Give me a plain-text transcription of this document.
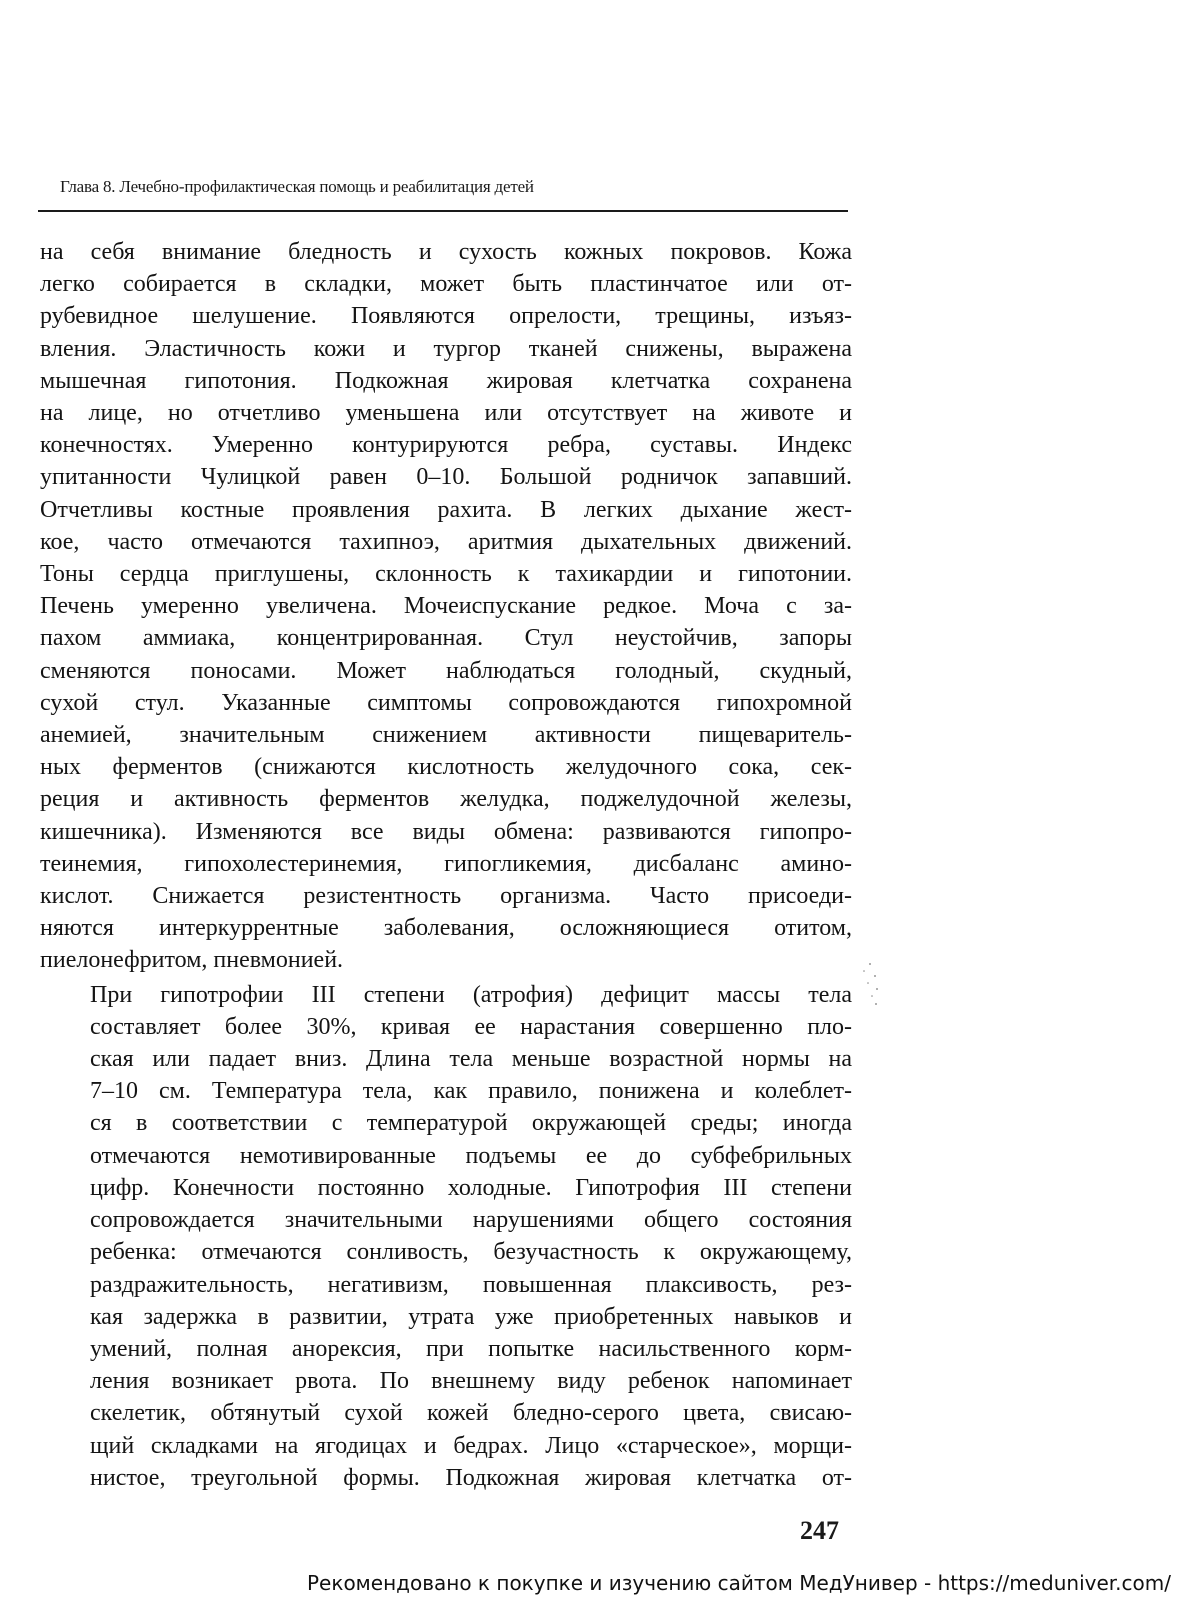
Глава 8. Лечебно-профилактическая помощь и реабилитация детей

на себя внимание бледность и сухость кожных покровов. Кожа
легко собирается в складки, может быть пластинчатое или от-
рубевидное шелушение. Появляются опрелости, трещины, изъяз-
вления. Эластичность кожи и тургор тканей снижены, выражена
мышечная гипотония. Подкожная жировая клетчатка сохранена
на лице, но отчетливо уменьшена или отсутствует на животе и
конечностях. Умеренно контурируются ребра, суставы. Индекс
упитанности Чулицкой равен 0–10. Большой родничок запавший.
Отчетливы костные проявления рахита. В легких дыхание жест-
кое, часто отмечаются тахипноэ, аритмия дыхательных движений.
Тоны сердца приглушены, склонность к тахикардии и гипотонии.
Печень умеренно увеличена. Мочеиспускание редкое. Моча с за-
пахом аммиака, концентрированная. Стул неустойчив, запоры
сменяются поносами. Может наблюдаться голодный, скудный,
сухой стул. Указанные симптомы сопровождаются гипохромной
анемией, значительным снижением активности пищеваритель-
ных ферментов (снижаются кислотность желудочного сока, сек-
реция и активность ферментов желудка, поджелудочной железы,
кишечника). Изменяются все виды обмена: развиваются гипопро-
теинемия, гипохолестеринемия, гипогликемия, дисбаланс амино-
кислот. Снижается резистентность организма. Часто присоеди-
няются интеркуррентные заболевания, осложняющиеся отитом,
пиелонефритом, пневмонией.

При гипотрофии III степени (атрофия) дефицит массы тела
составляет более 30%, кривая ее нарастания совершенно пло-
ская или падает вниз. Длина тела меньше возрастной нормы на
7–10 см. Температура тела, как правило, понижена и колеблет-
ся в соответствии с температурой окружающей среды; иногда
отмечаются немотивированные подъемы ее до субфебрильных
цифр. Конечности постоянно холодные. Гипотрофия III степени
сопровождается значительными нарушениями общего состояния
ребенка: отмечаются сонливость, безучастность к окружающему,
раздражительность, негативизм, повышенная плаксивость, рез-
кая задержка в развитии, утрата уже приобретенных навыков и
умений, полная анорексия, при попытке насильственного корм-
ления возникает рвота. По внешнему виду ребенок напоминает
скелетик, обтянутый сухой кожей бледно-серого цвета, свисаю-
щий складками на ягодицах и бедрах. Лицо «старческое», морщи-
нистое, треугольной формы. Подкожная жировая клетчатка от-

247
Рекомендовано к покупке и изучению сайтом МедУнивер - https://meduniver.com/
